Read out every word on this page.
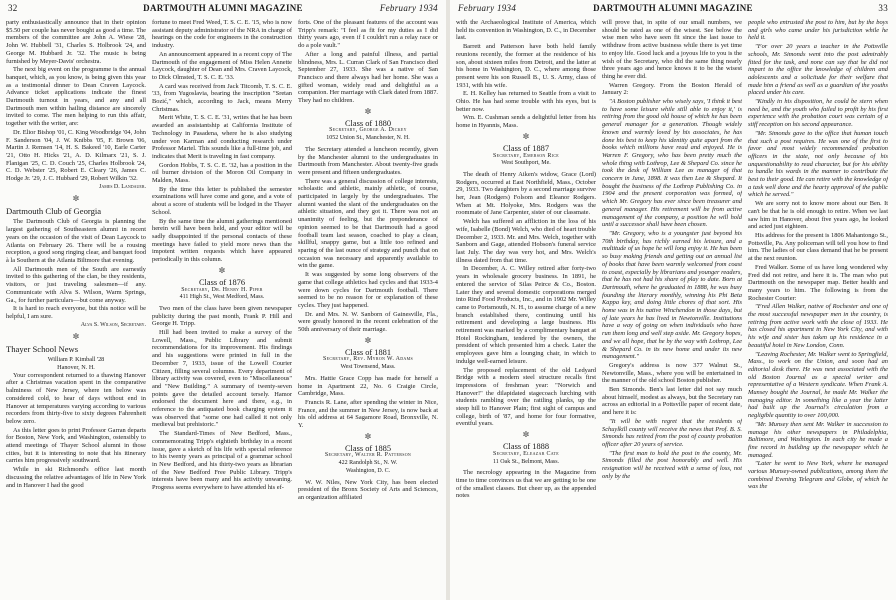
32	DARTMOUTH ALUMNI MAGAZINE	February 1934

party enthusiastically announce that in their opinion $5.50 per couple has never bought as good a time. The members of the committee are John A. Wiese '28, John W. Hubbell '31, Charles S. Holbrook '24, and George M. Hubbard Jr. '32. The music is being furnished by Meyer-Davis' orchestra.

The next big event on the programme is the annual banquet, which, as you know, is being given this year as a testimonial dinner to Dean Craven Laycock. Advance ticket applications indicate the finest Dartmouth turnout in years, and any and all Dartmouth men within hailing distance are sincerely invited to come. The men helping to run this affair, together with the writer, are:

Dr. Elior Bishop '01, C. King Woodbridge '04, John F. Sanderson '04, J. W. Knibbs '05, F. Brown '06, Martin J. Remsen '14, H. S. Bakeed '10, Earle Carter '21, Otto H. Hicks '21, A. D. Kilmarx '21, S. J. Flanigan '25, C. D. Couch '25, Charles Holbrook '24, C. D. Webster '25, Robert E. Cleary '26, James C. Hodge Jr. '29, J. C. Hubbard '29, Robert Wilkin '32.

James D. Landauer.
✼
Dartmouth Club of Georgia

The Dartmouth Club of Georgia is planning the largest gathering of Southeastern alumni in recent years on the occasion of the visit of Dean Laycock to Atlanta on February 26. There will be a rousing reception, a good song ringing clear, and banquet food à la Southern at the Atlanta Biltmore that evening.

All Dartmouth men of the South are earnestly invited to this gathering of the clan, be they residents, visitors, or just traveling salesmen—if any. Communicate with Alva S. Wilson, Warm Springs, Ga., for further particulars—but come anyway.

It is hard to reach everyone, but this notice will be helpful, I am sure.

Alva S. Wilson, Secretary.
✼
Thayer School News
William P. Kimball '28
Hanover, N. H.

Your correspondent returned to a thawing Hanover after a Christmas vacation spent in the comparative balminess of New Jersey, where ten below was considered cold, to hear of days without end in Hanover at temperatures varying according to various recorders from thirty-five to sixty degrees Fahrenheit below zero.

As this letter goes to print Professor Garran departs for Boston, New York, and Washington, ostensibly to attend meetings of Thayer School alumni in those cities, but it is interesting to note that his itinerary carries him progressively southward.

While in ski Richmond's office last month discussing the relative advantages of life in New York and in Hanover I had the good

fortune to meet Fred Weed, T. S. C. E. '15, who is now assistant deputy administrator of the NRA in charge of hearings on the code for engineers in the construction industry.

An announcement appeared in a recent copy of The Dartmouth of the engagement of Miss Helen Annette Laycock, daughter of Dean and Mrs. Craven Laycock, to Dick Olmsted, T. S. C. E. '33.

A card was received from Jack Titcomb, T. S. C. E. '33, from Yugoslavia, bearing the inscription "Sretan Bozić," which, according to Jack, means Merry Christmas.

Merit White, T. S. C. E. '31, writes that he has been awarded an assistantship at California Institute of Technology in Pasadena, where he is also studying under von Karman and conducting research under Professor Martel. This sounds like a full-time job, and indicates that Merit is traveling in fast company.

Gordon Hobbs, T. S. C. E. '32, has a position in the oil burner division of the Moron Oil Company in Malden, Mass.

By the time this letter is published the semester examinations will have come and gone, and a vote of about a score of students will be lodged in the Thayer School.

By the same time the alumni gatherings mentioned herein will have been held, and your editor will be sadly disappointed if the personal contacts of these meetings have failed to yield more news than the impotent written requests which have appeared periodically in this column.

✼
Class of 1876
Secretary, Dr. Henry H. Piper
411 High St., West Medford, Mass.

Two men of the class have been given newspaper publicity during the past month, Frank P. Hill and George H. Tripp.

Hill had been invited to make a survey of the Lowell, Mass., Public Library and submit recommendations for its improvement. His findings and his suggestions were printed in full in the December 7, 1933, issue of the Lowell Courier Citizen, filling several columns. Every department of library activity was covered, even to "Miscellaneous" and "New Building." A summary of twenty-seven points gave the detailed account tersely. Hamor endorsed the document here and there, e.g., in reference to the antiquated book charging system it was observed that "some one had called it not only medieval but prehistoric."

The Standard-Times of New Bedford, Mass., commemorating Tripp's eightieth birthday in a recent issue, gave a sketch of his life with special reference to his twenty years as principal of a grammar school in New Bedford, and his thirty-two years as librarian of the New Bedford Free Public Library. Tripp's interests have been many and his activity unwaning. Progress seems everywhere to have attended his ef-

forts. One of the pleasant features of the account was Tripp's remark: "I feel as fit for my duties as I did thirty years ago, even if I couldn't run a relay race or do a pole vault."

After a long and painful illness, and partial blindness, Mrs. L. Curran Clark of San Francisco died September 27, 1933. She was a native of San Francisco and there always had her home. She was a gifted woman, widely read and delightful as a companion. Her marriage with Clark dated from 1887. They had no children.

✼
Class of 1880
Secretary, George A. Dickey
1052 Union St., Manchester, N. H.

The Secretary attended a luncheon recently, given by the Manchester alumni to the undergraduates in Dartmouth from Manchester. About twenty-five grads were present and fifteen undergraduates.

There was a general discussion of college interests, scholastic and athletic, mainly athletic, of course, participated in largely by the undergraduates. The alumni wanted the slant of the undergraduates on the athletic situation, and they got it. There was not an unanimity of feeling, but the preponderance of opinion seemed to be that Dartmouth had a good football team last season, coached to play a clean, skillful, snappy game, but a little too refined and sparing of the last ounce of strategy and punch that on occasion was necessary and apparently available to win the game.

It was suggested by some long observers of the game that college athletics had cycles and that 1933-4 were down cycles for Dartmouth football. There seemed to be no reason for or explanation of these cycles. They just happened.

Dr. and Mrs. N. W. Sanborn of Gainesville, Fla., were greatly honored in the recent celebration of the 50th anniversary of their marriage.

✼
Class of 1881
Secretary, Rev. Myron W. Adams
West Townsend, Mass.

Mrs. Hattie Grace Copp has made for herself a home in Apartment 22, No. 6 Craigie Circle, Cambridge, Mass.

Francis R. Lane, after spending the winter in Nice, France, and the summer in New Jersey, is now back at his old address at 64 Sagamore Road, Bronxville, N. Y.

✼
Class of 1885
Secretary, Walter R. Patterson
422 Randolph St., N. W.
Washington, D. C.

W. W. Niles, New York City, has been elected president of the Bronx Society of Arts and Sciences, an organization affiliated

February 1934	DARTMOUTH ALUMNI MAGAZINE	33

with the Archaeological Institute of America, which held its convention in Washington, D. C., in December last.

Barrett and Patterson have both held family reunions recently, the former at the residence of his son, about sixteen miles from Detroit, and the latter at his home in Washington, D. C., where among those present were his son Russell B., U. S. Army, class of 1931, with his wife.

E. H. Kelley has returned to Seattle from a visit to Ohio. He has had some trouble with his eyes, but is better now.

Wm. E. Cushman sends a delightful letter from his home in Hyannis, Mass.

✼
Class of 1887
Secretary, Emerson Rice
West Southport, Me.

The death of Henry Aiken's widow, Grace (Lord) Rodgers, occurred at East Northfield, Mass., October 29, 1933. Two daughters by a second marriage survive her, Jean (Rodgers) Folsom and Eleanor Rodgers. When at Mt. Holyoke, Mrs. Rodgers was the roommate of Jane Carpenter, sister of our classmate.

Welch has suffered an affliction in the loss of his wife, Isabelle (Bond) Welch, who died of heart trouble December 2, 1933. Mr. and Mrs. Welch, together with Sanborn and Gage, attended Hobson's funeral service last July. The day was very hot, and Mrs. Welch's illness dated from that time.

In December, A. C. Willey retired after forty-two years in wholesale grocery business. In 1891, he entered the service of Silas Peirce & Co., Boston. Later they and several domestic corporations merged into Rind Food Products, Inc., and in 1902 Mr. Willey came to Portsmouth, N. H., to assume charge of a new branch established there, continuing until his retirement and developing a large business. His retirement was marked by a complimentary banquet at Hotel Rockingham, tendered by the owners, the president of which presented him a check. Later the employees gave him a lounging chair, in which to indulge well-earned leisure.

The proposed replacement of the old Ledyard Bridge with a modern steel structure recalls first impressions of freshman year: "Norwich and Hanover!" the dilapidated stagecoach lurching with students rambling over the rattling planks, up the steep hill to Hanover Plain; first sight of campus and college, birth of '87, and home for four formative, eventful years.

✼
Class of 1888
Secretary, Eleazar Cate
11 Oak St., Belmont, Mass.

The necrology appearing in the Magazine from time to time convinces us that we are getting to be one of the smallest classes. But cheer up, as the appended notes

will prove that, in spite of our small numbers, we should be rated as one of the wisest. See below the wise men who have seen fit since the last issue to withdraw from active business while there is yet time to enjoy life. Good luck and a joyous life to you is the wish of the Secretary, who did the same thing nearly three years ago and hence knows it to be the wisest thing he ever did.

Warren Gregory. From the Boston Herald of January 2:

"A Boston publisher who wisely says, 'I think it best to have some leisure while still able to enjoy it,' is retiring from the good old house of which he has been general manager for a generation. Though widely known and warmly loved by his associates, he has done his best to keep his identity quite apart from the books which millions have read and enjoyed. He is Warren F. Gregory, who has been pretty much the whole thing with Lothrop, Lee & Shepard Co. since he took the desk of William Lee as manager of that concern in June, 1898. It was then Lee & Shepard. It bought the business of the Lothrop Publishing Co. in 1904 and the present corporation was formed, of which Mr. Gregory has ever since been treasurer and general manager. His retirement will be from active management of the company, a position he will hold until a successor shall have been chosen.

"Mr. Gregory, who is a youngster just beyond his 70th birthday, has richly earned his leisure, and a multitude of us hope he will long enjoy it. He has been so busy making friends and getting out an annual list of books that have been warmly welcomed from coast to coast, especially by librarians and younger readers, that he has not had his share of play to date. Born at Dartmouth, where he graduated in 1888, he was busy founding the literary monthly, winning his Phi Beta Kappa key, and doing little chores of that sort. His home was in his native Winchendon in those days, but of late years he has lived in Newtonville. Institutions have a way of going on when individuals who have run them long and well step aside. Mr. Gregory hopes, and we all hope, that he by the way with Lothrop, Lee & Shepard Co. in its new home and under its new management."

Gregory's address is now 377 Walnut St., Newtonville, Mass., where you will be entertained in the manner of the old school Boston publisher.

Ben Simonds. Ben's last letter did not say much about himself, modest as always, but the Secretary ran across an editorial in a Pottsville paper of recent date, and here it is:

"It will be with regret that the residents of Schuylkill county will receive the news that Prof. B. S. Simonds has retired from the post of county probation officer after 20 years of service.

"The first man to hold the post in the county, Mr. Simonds filled the post honorably and well. His resignation will be received with a sense of loss, not only by the

people who entrusted the post to him, but by the boys and girls who came under his jurisdiction while he held it.

"For over 20 years a teacher in the Pottsville schools, Mr. Simonds went into the post admirably fitted for the task, and none can say that he did not impart to the office the knowledge of children and adolescents and a solicitude for their welfare that made him a friend as well as a guardian of the youths placed under his care.

"Kindly in his disposition, he could be stern when need be, and the youth who failed to profit by his first experience with the probation court was certain of a stiff reception on his second appearance.

"Mr. Simonds gave to the office that human touch that such a post requires. He was one of the first to favor and most widely recommended probation officers in the state, not only because of his unquestionability to read character, but for his ability to handle his wards in the manner to contribute the best to their good. He can retire with the knowledge of a task well done and the hearty approval of the public which he served."

We are sorry not to know more about our Ben. It can't be that he is old enough to retire. When we last saw him in Hanover, about five years ago, he looked and acted just eighteen.

His address for the present is 1806 Mahantongo St., Pottsville, Pa. Any policeman will tell you how to find him. The ladies of our class demand that he be present at the next reunion.

Fred Walker. Some of us have long wondered why Fred did not retire, and here it is. The man who put Dartmouth on the newspaper map. Better health and many years to him. The following is from the Rochester Courier:

"Fred Allen Walker, native of Rochester and one of the most successful newspaper men in the country, is retiring from active work with the close of 1933. He has closed his apartment in New York City, and with his wife and sister has taken up his residence in a beautiful hotel in New London, Conn.

"Leaving Rochester, Mr. Walker went to Springfield, Mass., to work on the Union, and soon had an editorial desk there. He was next associated with the old Boston Journal as a special writer and representative of a Western syndicate. When Frank A. Munsey bought the Journal, he made Mr. Walker the managing editor. In something like a year the latter had built up the Journal's circulation from a negligible quantity to over 100,000.

"Mr. Munsey then sent Mr. Walker in succession to manage his other newspapers in Philadelphia, Baltimore, and Washington. In each city he made a fine record in building up the newspaper which he managed.

"Later he went to New York, where he managed various Munsey-owned publications, among them the combined Evening Telegram and Globe, of which he was the
